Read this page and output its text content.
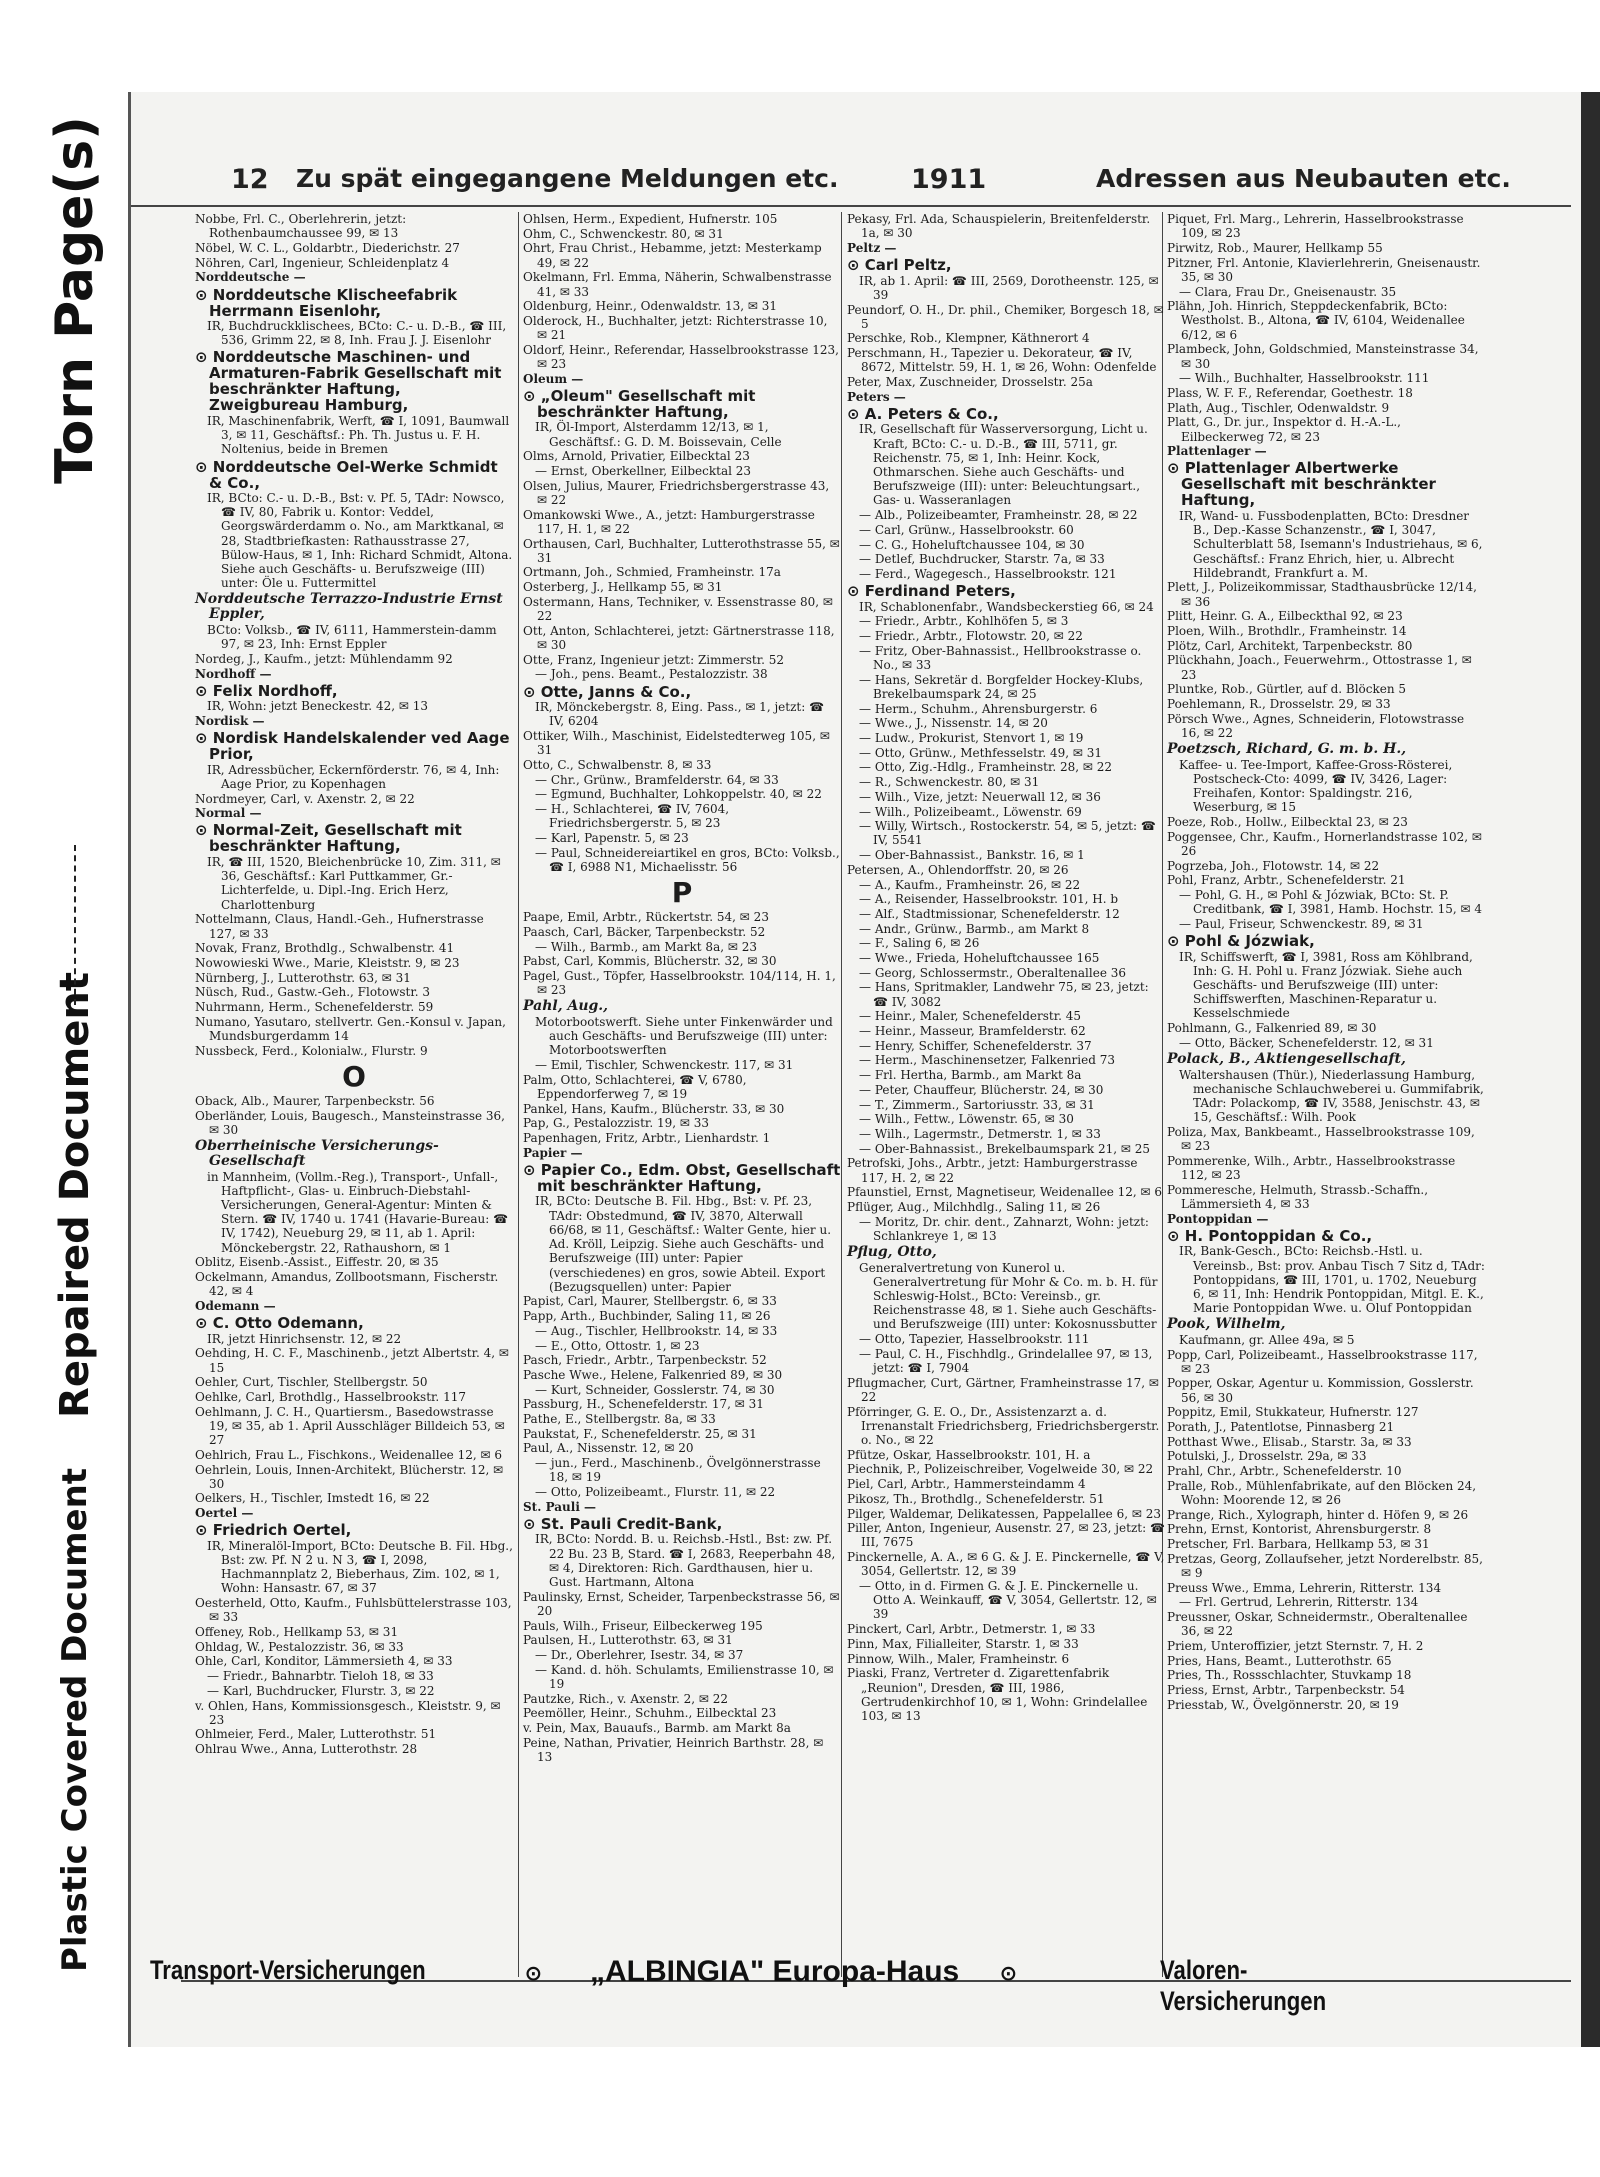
Plastic Covered Document
Repaired Document
Torn Page(s)	12 Zu spät eingegangene Meldungen etc.	1911	Adressen aus Neubauten etc.
Nobbe, Frl. C., Oberlehrerin, jetzt: Rothenbaumchaussee 99, ✉ 13
Nöbel, W. C. L., Goldarbtr., Diederichstr. 27
Nöhren, Carl, Ingenieur, Schleidenplatz 4
Norddeutsche —
⊙ Norddeutsche Klischeefabrik Herrmann Eisenlohr,
IR, Buchdruckklischees, BCto: C.- u. D.-B., ☎ III, 536, Grimm 22, ✉ 8, Inh. Frau J. J. Eisenlohr
⊙ Norddeutsche Maschinen- und Armaturen-Fabrik Gesellschaft mit beschränkter Haftung, Zweigbureau Hamburg,
IR, Maschinenfabrik, Werft, ☎ I, 1091, Baumwall 3, ✉ 11, Geschäftsf.: Ph. Th. Justus u. F. H. Noltenius, beide in Bremen
⊙ Norddeutsche Oel-Werke Schmidt & Co.,
IR, BCto: C.- u. D.-B., Bst: v. Pf. 5, TAdr: Nowsco, ☎ IV, 80, Fabrik u. Kontor: Veddel, Georgswärderdamm o. No., am Marktkanal, ✉ 28, Stadtbriefkasten: Rathausstrasse 27, Bülow-Haus, ✉ 1, Inh: Richard Schmidt, Altona. Siehe auch Geschäfts- u. Berufszweige (III) unter: Öle u. Futtermittel
Norddeutsche Terrazzo-Industrie Ernst Eppler,
BCto: Volksb., ☎ IV, 6111, Hammerstein-damm 97, ✉ 23, Inh: Ernst Eppler
Nordeg, J., Kaufm., jetzt: Mühlendamm 92
Nordhoff —
⊙ Felix Nordhoff,
IR, Wohn: jetzt Beneckestr. 42, ✉ 13
Nordisk —
⊙ Nordisk Handelskalender ved Aage Prior,
IR, Adressbücher, Eckernförderstr. 76, ✉ 4, Inh: Aage Prior, zu Kopenhagen
Nordmeyer, Carl, v. Axenstr. 2, ✉ 22
Normal —
⊙ Normal-Zeit, Gesellschaft mit beschränkter Haftung,
IR, ☎ III, 1520, Bleichenbrücke 10, Zim. 311, ✉ 36, Geschäftsf.: Karl Puttkammer, Gr.-Lichterfelde, u. Dipl.-Ing. Erich Herz, Charlottenburg
Nottelmann, Claus, Handl.-Geh., Hufnerstrasse 127, ✉ 33
Novak, Franz, Brothdlg., Schwalbenstr. 41
Nowowieski Wwe., Marie, Kleiststr. 9, ✉ 23
Nürnberg, J., Lutterothstr. 63, ✉ 31
Nüsch, Rud., Gastw.-Geh., Flotowstr. 3
Nuhrmann, Herm., Schenefelderstr. 59
Numano, Yasutaro, stellvertr. Gen.-Konsul v. Japan, Mundsburgerdamm 14
Nussbeck, Ferd., Kolonialw., Flurstr. 9
O
Oback, Alb., Maurer, Tarpenbeckstr. 56
Oberländer, Louis, Baugesch., Mansteinstrasse 36, ✉ 30
Oberrheinische Versicherungs-Gesellschaft
in Mannheim, (Vollm.-Reg.), Transport-, Unfall-, Haftpflicht-, Glas- u. Einbruch-Diebstahl-Versicherungen, General-Agentur: Minten & Stern. ☎ IV, 1740 u. 1741 (Havarie-Bureau: ☎ IV, 1742), Neueburg 29, ✉ 11, ab 1. April: Mönckebergstr. 22, Rathaushorn, ✉ 1
Oblitz, Eisenb.-Assist., Eiffestr. 20, ✉ 35
Ockelmann, Amandus, Zollbootsmann, Fischerstr. 42, ✉ 4
Odemann —
⊙ C. Otto Odemann,
IR, jetzt Hinrichsenstr. 12, ✉ 22
Oehding, H. C. F., Maschinenb., jetzt Albertstr. 4, ✉ 15
Oehler, Curt, Tischler, Stellbergstr. 50
Oehlke, Carl, Brothdlg., Hasselbrookstr. 117
Oehlmann, J. C. H., Quartiersm., Basedowstrasse 19, ✉ 35, ab 1. April Ausschläger Billdeich 53, ✉ 27
Oehlrich, Frau L., Fischkons., Weidenallee 12, ✉ 6
Oehrlein, Louis, Innen-Architekt, Blücherstr. 12, ✉ 30
Oelkers, H., Tischler, Imstedt 16, ✉ 22
Oertel —
⊙ Friedrich Oertel,
IR, Mineralöl-Import, BCto: Deutsche B. Fil. Hbg., Bst: zw. Pf. N 2 u. N 3, ☎ I, 2098, Hachmannplatz 2, Bieberhaus, Zim. 102, ✉ 1, Wohn: Hansastr. 67, ✉ 37
Oesterheld, Otto, Kaufm., Fuhlsbüttelerstrasse 103, ✉ 33
Offeney, Rob., Hellkamp 53, ✉ 31
Ohldag, W., Pestalozzistr. 36, ✉ 33
Ohle, Carl, Konditor, Lämmersieth 4, ✉ 33
— Friedr., Bahnarbtr. Tieloh 18, ✉ 33
— Karl, Buchdrucker, Flurstr. 3, ✉ 22
v. Ohlen, Hans, Kommissionsgesch., Kleiststr. 9, ✉ 23
Ohlmeier, Ferd., Maler, Lutterothstr. 51
Ohlrau Wwe., Anna, Lutterothstr. 28
Ohlsen, Herm., Expedient, Hufnerstr. 105
Ohm, C., Schwenckestr. 80, ✉ 31
Ohrt, Frau Christ., Hebamme, jetzt: Mesterkamp 49, ✉ 22
Okelmann, Frl. Emma, Näherin, Schwalbenstrasse 41, ✉ 33
Oldenburg, Heinr., Odenwaldstr. 13, ✉ 31
Olderock, H., Buchhalter, jetzt: Richterstrasse 10, ✉ 21
Oldorf, Heinr., Referendar, Hasselbrookstrasse 123, ✉ 23
Oleum —
⊙ „Oleum" Gesellschaft mit beschränkter Haftung,
IR, Öl-Import, Alsterdamm 12/13, ✉ 1, Geschäftsf.: G. D. M. Boissevain, Celle
Olms, Arnold, Privatier, Eilbecktal 23
— Ernst, Oberkellner, Eilbecktal 23
Olsen, Julius, Maurer, Friedrichsbergerstrasse 43, ✉ 22
Omankowski Wwe., A., jetzt: Hamburgerstrasse 117, H. 1, ✉ 22
Orthausen, Carl, Buchhalter, Lutterothstrasse 55, ✉ 31
Ortmann, Joh., Schmied, Framheinstr. 17a
Osterberg, J., Hellkamp 55, ✉ 31
Ostermann, Hans, Techniker, v. Essenstrasse 80, ✉ 22
Ott, Anton, Schlachterei, jetzt: Gärtnerstrasse 118, ✉ 30
Otte, Franz, Ingenieur jetzt: Zimmerstr. 52
— Joh., pens. Beamt., Pestalozzistr. 38
⊙ Otte, Janns & Co.,
IR, Mönckebergstr. 8, Eing. Pass., ✉ 1, jetzt: ☎ IV, 6204
Ottiker, Wilh., Maschinist, Eidelstedterweg 105, ✉ 31
Otto, C., Schwalbenstr. 8, ✉ 33
— Chr., Grünw., Bramfelderstr. 64, ✉ 33
— Egmund, Buchhalter, Lohkoppelstr. 40, ✉ 22
— H., Schlachterei, ☎ IV, 7604, Friedrichsbergerstr. 5, ✉ 23
— Karl, Papenstr. 5, ✉ 23
— Paul, Schneidereiartikel en gros, BCto: Volksb., ☎ I, 6988 N1, Michaelisstr. 56
P
Paape, Emil, Arbtr., Rückertstr. 54, ✉ 23
Paasch, Carl, Bäcker, Tarpenbeckstr. 52
— Wilh., Barmb., am Markt 8a, ✉ 23
Pabst, Carl, Kommis, Blücherstr. 32, ✉ 30
Pagel, Gust., Töpfer, Hasselbrookstr. 104/114, H. 1, ✉ 23
Pahl, Aug.,
Motorbootswerft. Siehe unter Finkenwärder und auch Geschäfts- und Berufszweige (III) unter: Motorbootswerften
— Emil, Tischler, Schwenckestr. 117, ✉ 31
Palm, Otto, Schlachterei, ☎ V, 6780, Eppendorferweg 7, ✉ 19
Pankel, Hans, Kaufm., Blücherstr. 33, ✉ 30
Pap, G., Pestalozzistr. 19, ✉ 33
Papenhagen, Fritz, Arbtr., Lienhardstr. 1
Papier —
⊙ Papier Co., Edm. Obst, Gesellschaft mit beschränkter Haftung,
IR, BCto: Deutsche B. Fil. Hbg., Bst: v. Pf. 23, TAdr: Obstedmund, ☎ IV, 3870, Alterwall 66/68, ✉ 11, Geschäftsf.: Walter Gente, hier u. Ad. Kröll, Leipzig. Siehe auch Geschäfts- und Berufszweige (III) unter: Papier (verschiedenes) en gros, sowie Abteil. Export (Bezugsquellen) unter: Papier
Papist, Carl, Maurer, Stellbergstr. 6, ✉ 33
Papp, Arth., Buchbinder, Saling 11, ✉ 26
— Aug., Tischler, Hellbrookstr. 14, ✉ 33
— E., Otto, Ottostr. 1, ✉ 23
Pasch, Friedr., Arbtr., Tarpenbeckstr. 52
Pasche Wwe., Helene, Falkenried 89, ✉ 30
— Kurt, Schneider, Gosslerstr. 74, ✉ 30
Passburg, H., Schenefelderstr. 17, ✉ 31
Pathe, E., Stellbergstr. 8a, ✉ 33
Paukstat, F., Schenefelderstr. 25, ✉ 31
Paul, A., Nissenstr. 12, ✉ 20
— jun., Ferd., Maschinenb., Övelgönnerstrasse 18, ✉ 19
— Otto, Polizeibeamt., Flurstr. 11, ✉ 22
St. Pauli —
⊙ St. Pauli Credit-Bank,
IR, BCto: Nordd. B. u. Reichsb.-Hstl., Bst: zw. Pf. 22 Bu. 23 B, Stard. ☎ I, 2683, Reeperbahn 48, ✉ 4, Direktoren: Rich. Gardthausen, hier u. Gust. Hartmann, Altona
Paulinsky, Ernst, Scheider, Tarpenbeckstrasse 56, ✉ 20
Pauls, Wilh., Friseur, Eilbeckerweg 195
Paulsen, H., Lutterothstr. 63, ✉ 31
— Dr., Oberlehrer, Isestr. 34, ✉ 37
— Kand. d. höh. Schulamts, Emilienstrasse 10, ✉ 19
Pautzke, Rich., v. Axenstr. 2, ✉ 22
Peemöller, Heinr., Schuhm., Eilbecktal 23
v. Pein, Max, Bauaufs., Barmb. am Markt 8a
Peine, Nathan, Privatier, Heinrich Barthstr. 28, ✉ 13
Pekasy, Frl. Ada, Schauspielerin, Breitenfelderstr. 1a, ✉ 30
Peltz —
⊙ Carl Peltz,
IR, ab 1. April: ☎ III, 2569, Dorotheenstr. 125, ✉ 39
Peundorf, O. H., Dr. phil., Chemiker, Borgesch 18, ✉ 5
Perschke, Rob., Klempner, Käthnerort 4
Perschmann, H., Tapezier u. Dekorateur, ☎ IV, 8672, Mittelstr. 59, H. 1, ✉ 26, Wohn: Odenfelde
Peter, Max, Zuschneider, Drosselstr. 25a
Peters —
⊙ A. Peters & Co.,
IR, Gesellschaft für Wasserversorgung, Licht u. Kraft, BCto: C.- u. D.-B., ☎ III, 5711, gr. Reichenstr. 75, ✉ 1, Inh: Heinr. Kock, Othmarschen. Siehe auch Geschäfts- und Berufszweige (III): unter: Beleuchtungsart., Gas- u. Wasseranlagen
— Alb., Polizeibeamter, Framheinstr. 28, ✉ 22
— Carl, Grünw., Hasselbrookstr. 60
— C. G., Hoheluftchaussee 104, ✉ 30
— Detlef, Buchdrucker, Starstr. 7a, ✉ 33
— Ferd., Wagegesch., Hasselbrookstr. 121
⊙ Ferdinand Peters,
IR, Schablonenfabr., Wandsbeckerstieg 66, ✉ 24
— Friedr., Arbtr., Kohlhöfen 5, ✉ 3
— Friedr., Arbtr., Flotowstr. 20, ✉ 22
— Fritz, Ober-Bahnassist., Hellbrookstrasse o. No., ✉ 33
— Hans, Sekretär d. Borgfelder Hockey-Klubs, Brekelbaumspark 24, ✉ 25
— Herm., Schuhm., Ahrensburgerstr. 6
— Wwe., J., Nissenstr. 14, ✉ 20
— Ludw., Prokurist, Stenvort 1, ✉ 19
— Otto, Grünw., Methfesselstr. 49, ✉ 31
— Otto, Zig.-Hdlg., Framheinstr. 28, ✉ 22
— R., Schwenckestr. 80, ✉ 31
— Wilh., Vize, jetzt: Neuerwall 12, ✉ 36
— Wilh., Polizeibeamt., Löwenstr. 69
— Willy, Wirtsch., Rostockerstr. 54, ✉ 5, jetzt: ☎ IV, 5541
— Ober-Bahnassist., Bankstr. 16, ✉ 1
Petersen, A., Ohlendorffstr. 20, ✉ 26
— A., Kaufm., Framheinstr. 26, ✉ 22
— A., Reisender, Hasselbrookstr. 101, H. b
— Alf., Stadtmissionar, Schenefelderstr. 12
— Andr., Grünw., Barmb., am Markt 8
— F., Saling 6, ✉ 26
— Wwe., Frieda, Hoheluftchaussee 165
— Georg, Schlossermstr., Oberaltenallee 36
— Hans, Spritmakler, Landwehr 75, ✉ 23, jetzt: ☎ IV, 3082
— Heinr., Maler, Schenefelderstr. 45
— Heinr., Masseur, Bramfelderstr. 62
— Henry, Schiffer, Schenefelderstr. 37
— Herm., Maschinensetzer, Falkenried 73
— Frl. Hertha, Barmb., am Markt 8a
— Peter, Chauffeur, Blücherstr. 24, ✉ 30
— T., Zimmerm., Sartoriusstr. 33, ✉ 31
— Wilh., Fettw., Löwenstr. 65, ✉ 30
— Wilh., Lagermstr., Detmerstr. 1, ✉ 33
— Ober-Bahnassist., Brekelbaumspark 21, ✉ 25
Petrofski, Johs., Arbtr., jetzt: Hamburgerstrasse 117, H. 2, ✉ 22
Pfaunstiel, Ernst, Magnetiseur, Weidenallee 12, ✉ 6
Pflüger, Aug., Milchhdlg., Saling 11, ✉ 26
— Moritz, Dr. chir. dent., Zahnarzt, Wohn: jetzt: Schlankreye 1, ✉ 13
Pflug, Otto,
Generalvertretung von Kunerol u. Generalvertretung für Mohr & Co. m. b. H. für Schleswig-Holst., BCto: Vereinsb., gr. Reichenstrasse 48, ✉ 1. Siehe auch Geschäfts- und Berufszweige (III) unter: Kokosnussbutter
— Otto, Tapezier, Hasselbrookstr. 111
— Paul, C. H., Fischhdlg., Grindelallee 97, ✉ 13, jetzt: ☎ I, 7904
Pflugmacher, Curt, Gärtner, Framheinstrasse 17, ✉ 22
Pförringer, G. E. O., Dr., Assistenzarzt a. d. Irrenanstalt Friedrichsberg, Friedrichsbergerstr. o. No., ✉ 22
Pfütze, Oskar, Hasselbrookstr. 101, H. a
Piechnik, P., Polizeischreiber, Vogelweide 30, ✉ 22
Piel, Carl, Arbtr., Hammersteindamm 4
Pikosz, Th., Brothdlg., Schenefelderstr. 51
Pilger, Waldemar, Delikatessen, Pappelallee 6, ✉ 23
Piller, Anton, Ingenieur, Ausenstr. 27, ✉ 23, jetzt: ☎ III, 7675
Pinckernelle, A. A., ✉ 6 G. & J. E. Pinckernelle, ☎ V, 3054, Gellertstr. 12, ✉ 39
— Otto, in d. Firmen G. & J. E. Pinckernelle u. Otto A. Weinkauff, ☎ V, 3054, Gellertstr. 12, ✉ 39
Pinckert, Carl, Arbtr., Detmerstr. 1, ✉ 33
Pinn, Max, Filialleiter, Starstr. 1, ✉ 33
Pinnow, Wilh., Maler, Framheinstr. 6
Piaski, Franz, Vertreter d. Zigarettenfabrik „Reunion", Dresden, ☎ III, 1986, Gertrudenkirchhof 10, ✉ 1, Wohn: Grindelallee 103, ✉ 13
Piquet, Frl. Marg., Lehrerin, Hasselbrookstrasse 109, ✉ 23
Pirwitz, Rob., Maurer, Hellkamp 55
Pitzner, Frl. Antonie, Klavierlehrerin, Gneisenaustr. 35, ✉ 30
— Clara, Frau Dr., Gneisenaustr. 35
Plähn, Joh. Hinrich, Steppdeckenfabrik, BCto: Westholst. B., Altona, ☎ IV, 6104, Weidenallee 6/12, ✉ 6
Plambeck, John, Goldschmied, Mansteinstrasse 34, ✉ 30
— Wilh., Buchhalter, Hasselbrookstr. 111
Plass, W. F. F., Referendar, Goethestr. 18
Plath, Aug., Tischler, Odenwaldstr. 9
Platt, G., Dr. jur., Inspektor d. H.-A.-L., Eilbeckerweg 72, ✉ 23
Plattenlager —
⊙ Plattenlager Albertwerke Gesellschaft mit beschränkter Haftung,
IR, Wand- u. Fussbodenplatten, BCto: Dresdner B., Dep.-Kasse Schanzenstr., ☎ I, 3047, Schulterblatt 58, Isemann's Industriehaus, ✉ 6, Geschäftsf.: Franz Ehrich, hier, u. Albrecht Hildebrandt, Frankfurt a. M.
Plett, J., Polizeikommissar, Stadthausbrücke 12/14, ✉ 36
Plitt, Heinr. G. A., Eilbeckthal 92, ✉ 23
Ploen, Wilh., Brothdlr., Framheinstr. 14
Plötz, Carl, Architekt, Tarpenbeckstr. 80
Plückhahn, Joach., Feuerwehrm., Ottostrasse 1, ✉ 23
Pluntke, Rob., Gürtler, auf d. Blöcken 5
Poehlemann, R., Drosselstr. 29, ✉ 33
Pörsch Wwe., Agnes, Schneiderin, Flotowstrasse 16, ✉ 22
Poetzsch, Richard, G. m. b. H.,
Kaffee- u. Tee-Import, Kaffee-Gross-Rösterei, Postscheck-Cto: 4099, ☎ IV, 3426, Lager: Freihafen, Kontor: Spaldingstr. 216, Weserburg, ✉ 15
Poeze, Rob., Hollw., Eilbecktal 23, ✉ 23
Poggensee, Chr., Kaufm., Hornerlandstrasse 102, ✉ 26
Pogrzeba, Joh., Flotowstr. 14, ✉ 22
Pohl, Franz, Arbtr., Schenefelderstr. 21
— Pohl, G. H., ✉ Pohl & Józwiak, BCto: St. P. Creditbank, ☎ I, 3981, Hamb. Hochstr. 15, ✉ 4
— Paul, Friseur, Schwenckestr. 89, ✉ 31
⊙ Pohl & Józwiak,
IR, Schiffswerft, ☎ I, 3981, Ross am Köhlbrand, Inh: G. H. Pohl u. Franz Józwiak. Siehe auch Geschäfts- und Berufszweige (III) unter: Schiffswerften, Maschinen-Reparatur u. Kesselschmiede
Pohlmann, G., Falkenried 89, ✉ 30
— Otto, Bäcker, Schenefelderstr. 12, ✉ 31
Polack, B., Aktiengesellschaft,
Waltershausen (Thür.), Niederlassung Hamburg, mechanische Schlauchweberei u. Gummifabrik, TAdr: Polackomp, ☎ IV, 3588, Jenischstr. 43, ✉ 15, Geschäftsf.: Wilh. Pook
Poliza, Max, Bankbeamt., Hasselbrookstrasse 109, ✉ 23
Pommerenke, Wilh., Arbtr., Hasselbrookstrasse 112, ✉ 23
Pommeresche, Helmuth, Strassb.-Schaffn., Lämmersieth 4, ✉ 33
Pontoppidan —
⊙ H. Pontoppidan & Co.,
IR, Bank-Gesch., BCto: Reichsb.-Hstl. u. Vereinsb., Bst: prov. Anbau Tisch 7 Sitz d, TAdr: Pontoppidans, ☎ III, 1701, u. 1702, Neueburg 6, ✉ 11, Inh: Hendrik Pontoppidan, Mitgl. E. K., Marie Pontoppidan Wwe. u. Oluf Pontoppidan
Pook, Wilhelm,
Kaufmann, gr. Allee 49a, ✉ 5
Popp, Carl, Polizeibeamt., Hasselbrookstrasse 117, ✉ 23
Popper, Oskar, Agentur u. Kommission, Gosslerstr. 56, ✉ 30
Poppitz, Emil, Stukkateur, Hufnerstr. 127
Porath, J., Patentlotse, Pinnasberg 21
Potthast Wwe., Elisab., Starstr. 3a, ✉ 33
Potulski, J., Drosselstr. 29a, ✉ 33
Prahl, Chr., Arbtr., Schenefelderstr. 10
Pralle, Rob., Mühlenfabrikate, auf den Blöcken 24, Wohn: Moorende 12, ✉ 26
Prange, Rich., Xylograph, hinter d. Höfen 9, ✉ 26
Prehn, Ernst, Kontorist, Ahrensburgerstr. 8
Pretscher, Frl. Barbara, Hellkamp 53, ✉ 31
Pretzas, Georg, Zollaufseher, jetzt Norderelbstr. 85, ✉ 9
Preuss Wwe., Emma, Lehrerin, Ritterstr. 134
— Frl. Gertrud, Lehrerin, Ritterstr. 134
Preussner, Oskar, Schneidermstr., Oberaltenallee 36, ✉ 22
Priem, Unteroffizier, jetzt Sternstr. 7, H. 2
Pries, Hans, Beamt., Lutterothstr. 65
Pries, Th., Rossschlachter, Stuvkamp 18
Priess, Ernst, Arbtr., Tarpenbeckstr. 54
Priesstab, W., Övelgönnerstr. 20, ✉ 19
Transport-Versicherungen	⊙ „ALBINGIA" Europa-Haus ⊙	Valoren-Versicherungen
